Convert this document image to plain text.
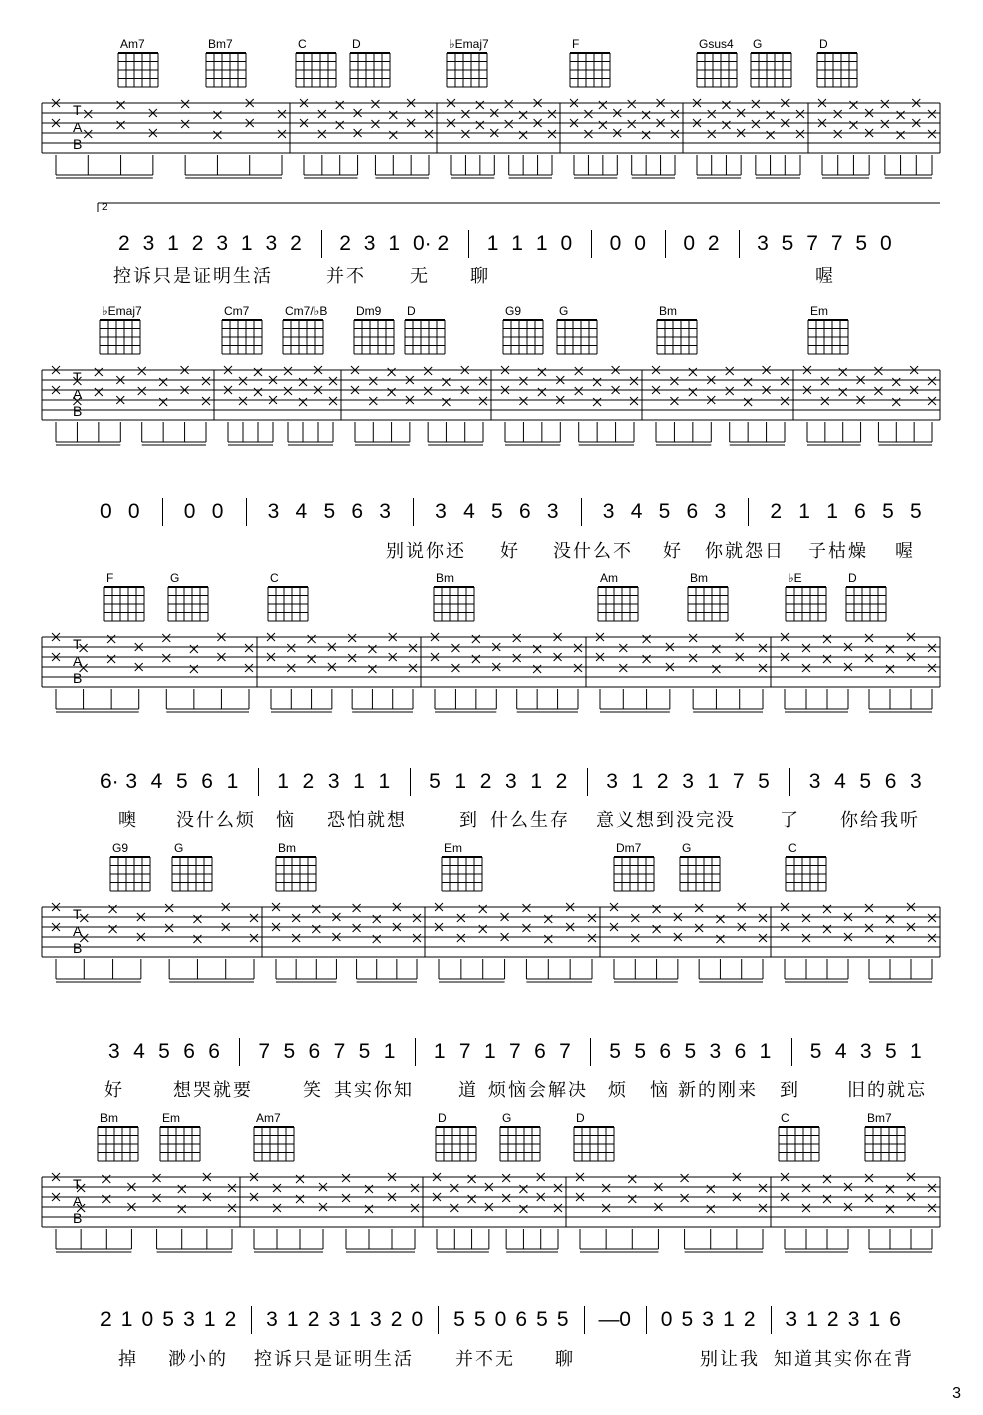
Am7	Bm7	C	D	♭Emaj7	F	Gsus4 G	D
♭Emaj7	Cm7	Cm7/♭B Dm9 D	G9	G	Bm	Em
F	G	C	Bm	Am	Bm	♭E	D
G9	G	Bm	Em	Dm7	G	C
Bm	Em	Am7	D	G	D	C	Bm7
T
A
B
T
A
B
T
A
B
T
A
B
T
A
B
2 3 1 2 3 1 3 2 2 3 1 0· 2 1 1 1 0 0 0 0 2 3 5 7 7 5 0
0 0 0 0 3 4 5 6 3 3 4 5 6 3 3 4 5 6 3 2 1 1 6 5 5
6· 3 4 5 6 1 1 2 3 1 1 5 1 2 3 1 2 3 1 2 3 1 7 5 3 4 5 6 3
3 4 5 6 6 7 5 6 7 5 1 1 7 1 7 6 7 5 5 6 5 3 6 1 5 4 3 5 1
2 1 0 5 3 1 2 3 1 2 3 1 3 2 0 5 5 0 6 5 5 — 0 0 5 3 1 2 3 1 2 3 1 6
控诉只是证明生活	并不 无 聊	喔
别说你还 好 没什么不 好 你就怨日 子枯燥 喔
噢 没什么烦 恼 恐怕就想	到 什么生存 意义想到没完没 了 你给我听
好	想哭就要	笑 其实你知 道 烦恼会解决 烦 恼 新的刚来 到	旧的就忘
掉 渺小的 控诉只是证明生活 并不 无 聊	别让我 知道其实你在背
2
3
